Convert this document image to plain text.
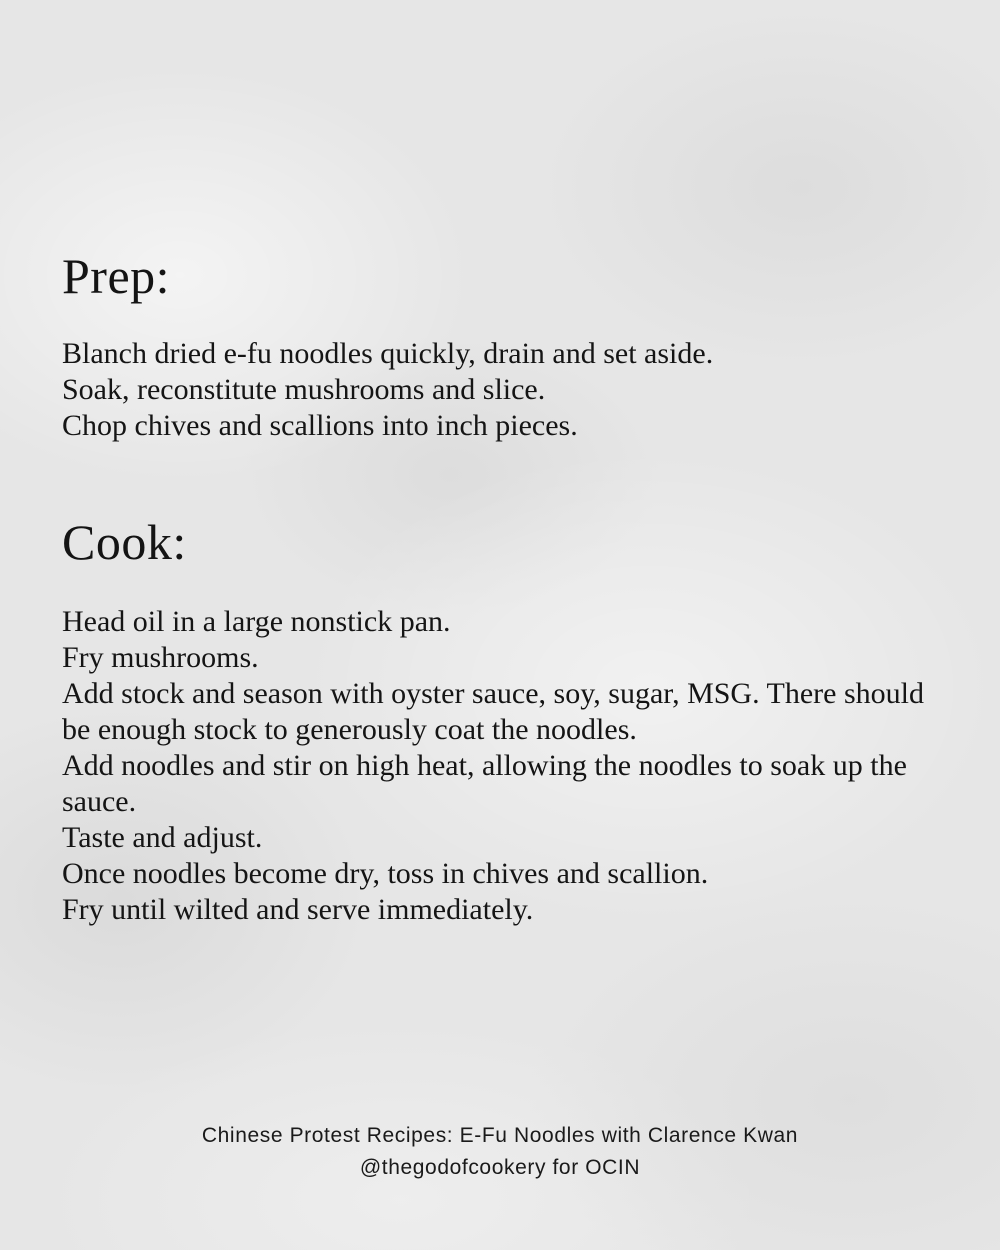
Prep:
Blanch dried e-fu noodles quickly, drain and set aside.
Soak, reconstitute mushrooms and slice.
Chop chives and scallions into inch pieces.
Cook:
Head oil in a large nonstick pan.
Fry mushrooms.
Add stock and season with oyster sauce, soy, sugar, MSG. There should be enough stock to generously coat the noodles.
Add noodles and stir on high heat, allowing the noodles to soak up the sauce.
Taste and adjust.
Once noodles become dry, toss in chives and scallion.
Fry until wilted and serve immediately.
Chinese Protest Recipes: E-Fu Noodles with Clarence Kwan
@thegodofcookery for OCIN
